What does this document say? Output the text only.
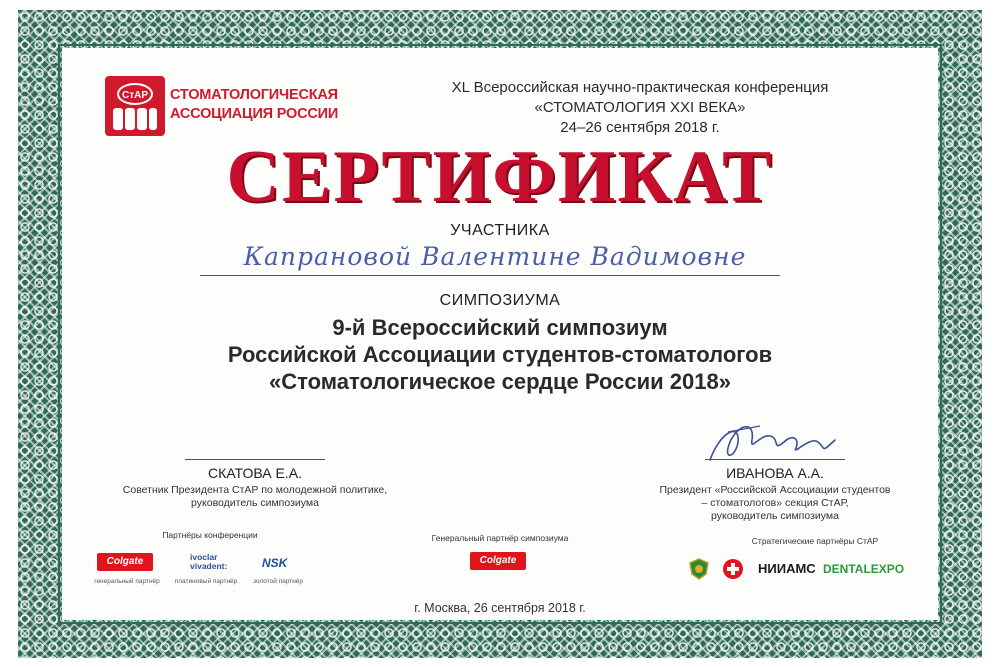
СтАР СТОМАТОЛОГИЧЕСКАЯ
АССОЦИАЦИЯ РОССИИ
XL Всероссийская научно-практическая конференция
«СТОМАТОЛОГИЯ XXI ВЕКА»
24–26 сентября 2018 г.
СЕРТИФИКАТ
УЧАСТНИКА
Капрановой Валентине Вадимовне
СИМПОЗИУМА
9-й Всероссийский симпозиум
Российской Ассоциации студентов-стоматологов
«Стоматологическое сердце России 2018»
СКАТОВА Е.А.
Советник Президента СтАР по молодежной политике,
руководитель симпозиума
ИВАНОВА А.А.
Президент «Российской Ассоциации студентов
– стоматологов» секция СтАР,
руководитель симпозиума
Партнёры конференции
Colgate	ivoclar
vivadent:	NSK
генеральный партнёр	платиновый партнёр	золотой партнёр
Генеральный партнёр симпозиума
Colgate
Стратегические партнёры СтАР
НИИАМС DENTALEXPO
г. Москва, 26 сентября 2018 г.
